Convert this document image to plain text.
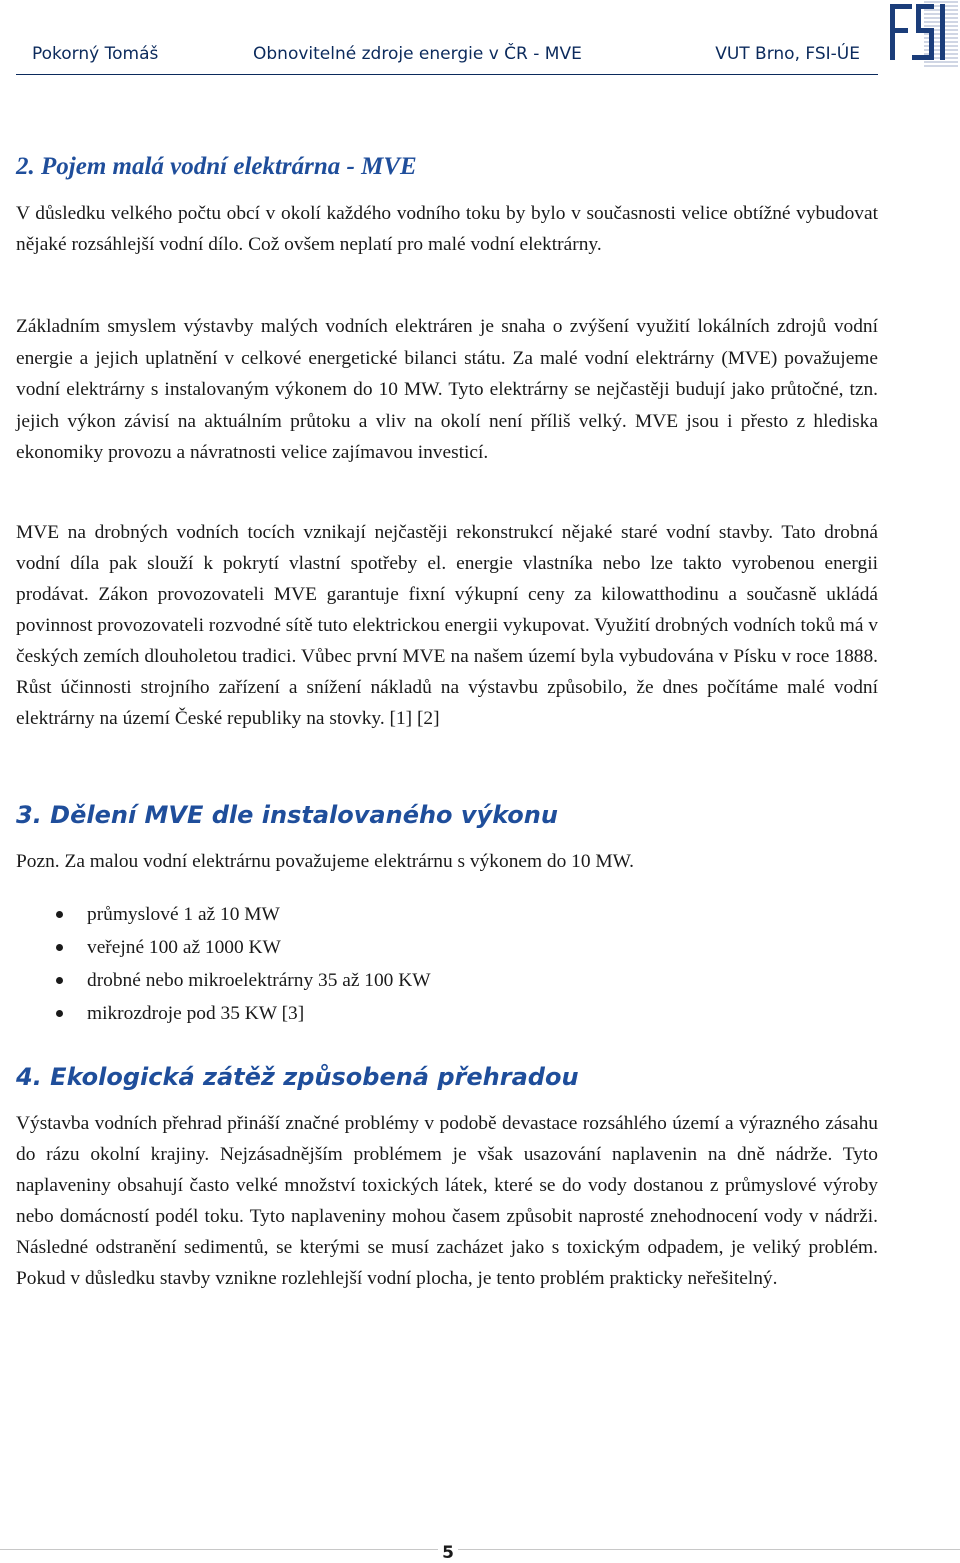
Pokorný Tomáš	Obnovitelné zdroje energie v ČR - MVE	VUT Brno, FSI-ÚE
2. Pojem malá vodní elektrárna - MVE

V důsledku velkého počtu obcí v okolí každého vodního toku by bylo v současnosti velice obtížné vybudovat nějaké rozsáhlejší vodní dílo. Což ovšem neplatí pro malé vodní elektrárny.

Základním smyslem výstavby malých vodních elektráren je snaha o zvýšení využití lokálních zdrojů vodní energie a jejich uplatnění v celkové energetické bilanci státu. Za malé vodní elektrárny (MVE) považujeme vodní elektrárny s instalovaným výkonem do 10 MW. Tyto elektrárny se nejčastěji budují jako průtočné, tzn. jejich výkon závisí na aktuálním průtoku a vliv na okolí není příliš velký. MVE jsou i přesto z hlediska ekonomiky provozu a návratnosti velice zajímavou investicí.

MVE na drobných vodních tocích vznikají nejčastěji rekonstrukcí nějaké staré vodní stavby. Tato drobná vodní díla pak slouží k pokrytí vlastní spotřeby el. energie vlastníka nebo lze takto vyrobenou energii prodávat. Zákon provozovateli MVE garantuje fixní výkupní ceny za kilowatthodinu a současně ukládá povinnost provozovateli rozvodné sítě tuto elektrickou energii vykupovat. Využití drobných vodních toků má v českých zemích dlouholetou tradici. Vůbec první MVE na našem území byla vybudována v Písku v roce 1888. Růst účinnosti strojního zařízení a snížení nákladů na výstavbu způsobilo, že dnes počítáme malé vodní elektrárny na území České republiky na stovky. [1] [2]

3. Dělení MVE dle instalovaného výkonu

Pozn. Za malou vodní elektrárnu považujeme elektrárnu s výkonem do 10 MW.

průmyslové 1 až 10 MW
veřejné 100 až 1000 KW
drobné nebo mikroelektrárny 35 až 100 KW
mikrozdroje pod 35 KW [3]
4. Ekologická zátěž způsobená přehradou

Výstavba vodních přehrad přináší značné problémy v podobě devastace rozsáhlého území a výrazného zásahu do rázu okolní krajiny. Nejzásadnějším problémem je však usazování naplavenin na dně nádrže. Tyto naplaveniny obsahují často velké množství toxických látek, které se do vody dostanou z průmyslové výroby nebo domácností podél toku. Tyto naplaveniny mohou časem způsobit naprosté znehodnocení vody v nádrži. Následné odstranění sedimentů, se kterými se musí zacházet jako s toxickým odpadem, je veliký problém. Pokud v důsledku stavby vznikne rozlehlejší vodní plocha, je tento problém prakticky neřešitelný.

5
